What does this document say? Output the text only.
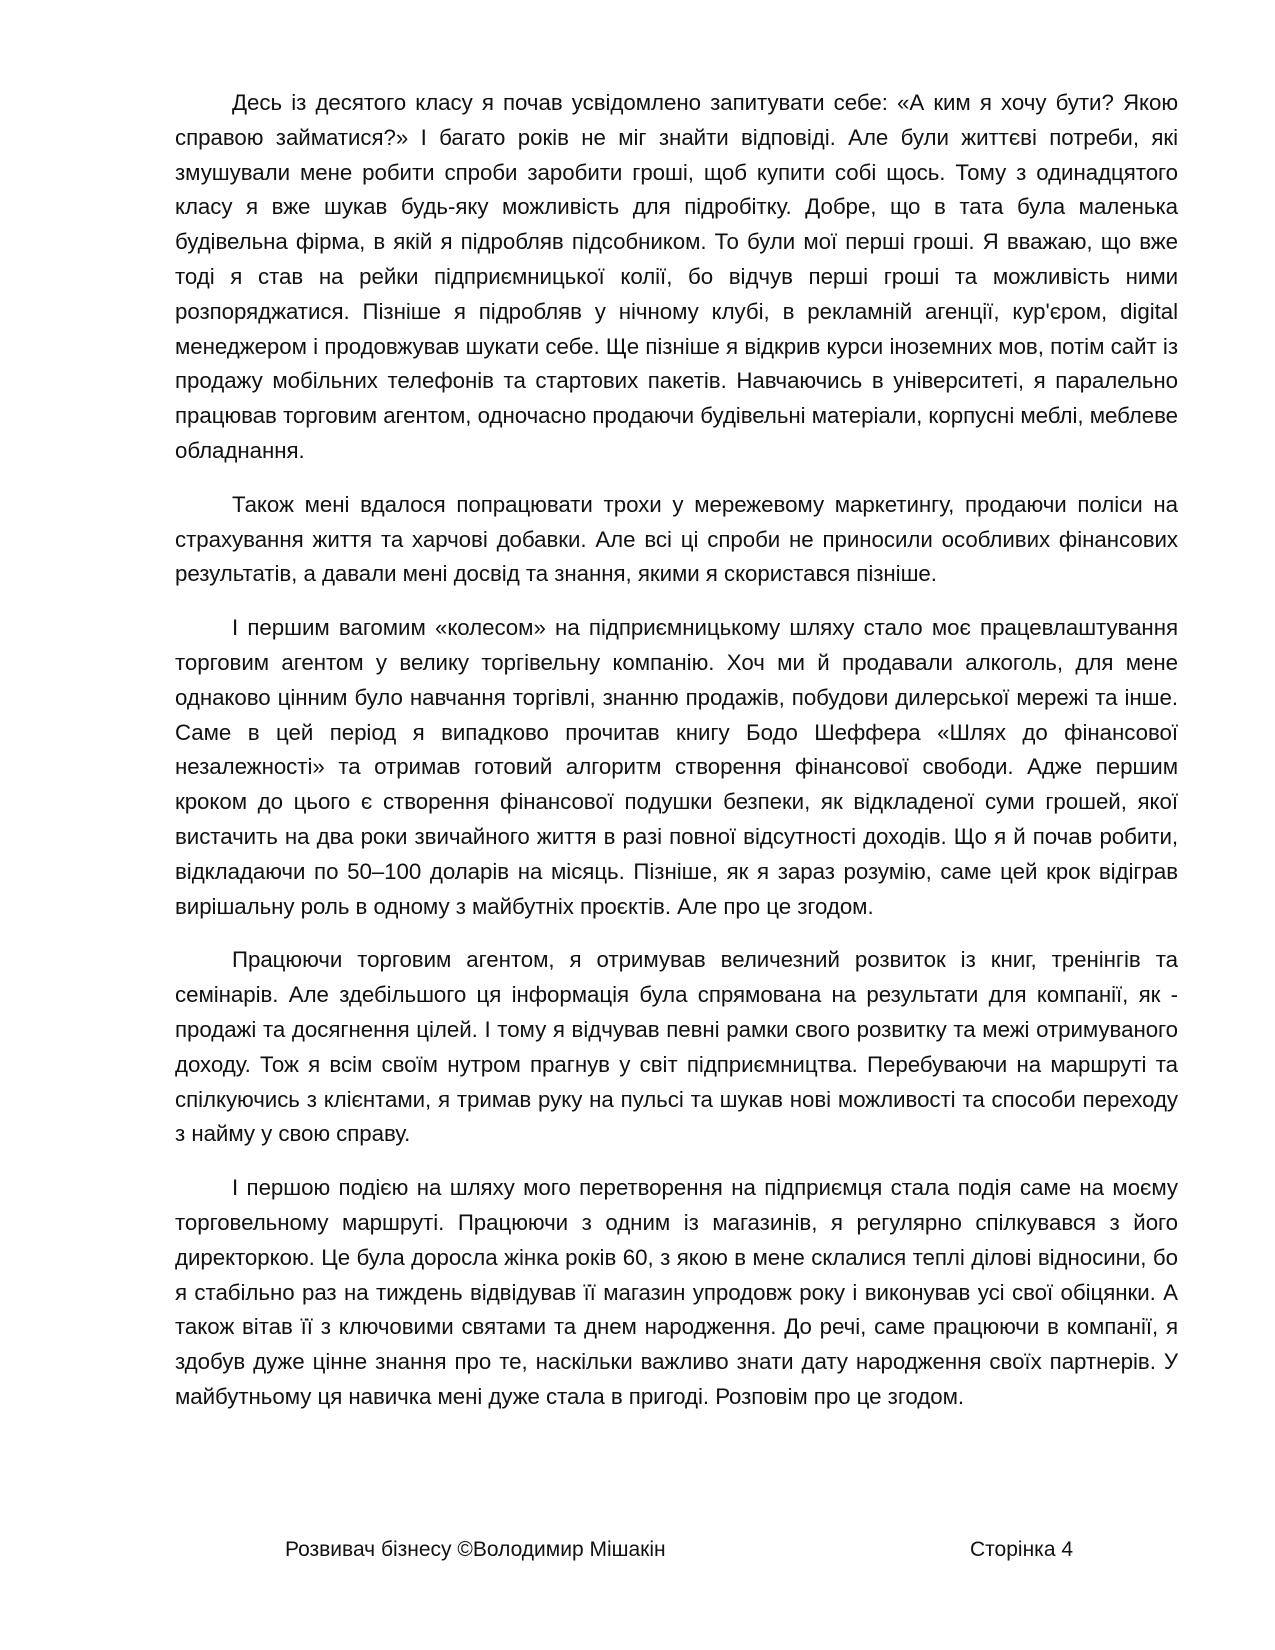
Десь із десятого класу я почав усвідомлено запитувати себе: «А ким я хочу бути? Якою справою займатися?» І багато років не міг знайти відповіді. Але були життєві потреби, які змушували мене робити спроби заробити гроші, щоб купити собі щось. Тому з одинадцятого класу я вже шукав будь-яку можливість для підробітку. Добре, що в тата була маленька будівельна фірма, в якій я підробляв підсобником. То були мої перші гроші. Я вважаю, що вже тоді я став на рейки підприємницької колії, бо відчув перші гроші та можливість ними розпоряджатися. Пізніше я підробляв у нічному клубі, в рекламній агенції, кур'єром, digital менеджером і продовжував шукати себе. Ще пізніше я відкрив курси іноземних мов, потім сайт із продажу мобільних телефонів та стартових пакетів. Навчаючись в університеті, я паралельно працював торговим агентом, одночасно продаючи будівельні матеріали, корпусні меблі, меблеве обладнання.

Також мені вдалося попрацювати трохи у мережевому маркетингу, продаючи поліси на страхування життя та харчові добавки. Але всі ці спроби не приносили особливих фінансових результатів, а давали мені досвід та знання, якими я скористався пізніше.

І першим вагомим «колесом» на підприємницькому шляху стало моє працевлаштування торговим агентом у велику торгівельну компанію. Хоч ми й продавали алкоголь, для мене однаково цінним було навчання торгівлі, знанню продажів, побудови дилерської мережі та інше. Саме в цей період я випадково прочитав книгу Бодо Шеффера «Шлях до фінансової незалежності» та отримав готовий алгоритм створення фінансової свободи. Адже першим кроком до цього є створення фінансової подушки безпеки, як відкладеної суми грошей, якої вистачить на два роки звичайного життя в разі повної відсутності доходів. Що я й почав робити, відкладаючи по 50–100 доларів на місяць. Пізніше, як я зараз розумію, саме цей крок відіграв вирішальну роль в одному з майбутніх проєктів. Але про це згодом.

Працюючи торговим агентом, я отримував величезний розвиток із книг, тренінгів та семінарів. Але здебільшого ця інформація була спрямована на результати для компанії, як - продажі та досягнення цілей. І тому я відчував певні рамки свого розвитку та межі отримуваного доходу. Тож я всім своїм нутром прагнув у світ підприємництва. Перебуваючи на маршруті та спілкуючись з клієнтами, я тримав руку на пульсі та шукав нові можливості та способи переходу з найму у свою справу.

І першою подією на шляху мого перетворення на підприємця стала подія саме на моєму торговельному маршруті. Працюючи з одним із магазинів, я регулярно спілкувався з його директоркою. Це була доросла жінка років 60, з якою в мене склалися теплі ділові відносини, бо я стабільно раз на тиждень відвідував її магазин упродовж року і виконував усі свої обіцянки. А також вітав її з ключовими святами та днем народження. До речі, саме працюючи в компанії, я здобув дуже цінне знання про те, наскільки важливо знати дату народження своїх партнерів. У майбутньому ця навичка мені дуже стала в пригоді. Розповім про це згодом.

Розвивач бізнесу ©Володимир Мішакін	Сторінка 4
